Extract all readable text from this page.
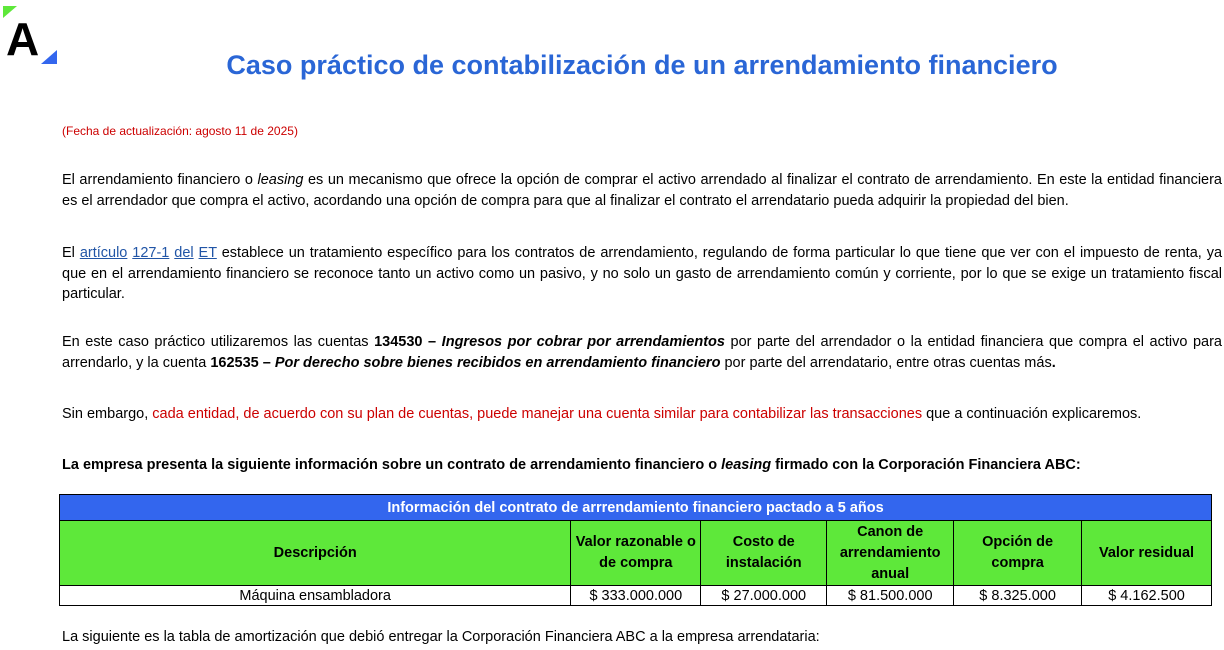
A	Caso práctico de contabilización de un arrendamiento financiero
(Fecha de actualización: agosto 11 de 2025)
El arrendamiento financiero o leasing es un mecanismo que ofrece la opción de comprar el activo arrendado al finalizar el contrato de arrendamiento. En este la entidad financiera es el arrendador que compra el activo, acordando una opción de compra para que al finalizar el contrato el arrendatario pueda adquirir la propiedad del bien.
El artículo 127-1 del ET establece un tratamiento específico para los contratos de arrendamiento, regulando de forma particular lo que tiene que ver con el impuesto de renta, ya que en el arrendamiento financiero se reconoce tanto un activo como un pasivo, y no solo un gasto de arrendamiento común y corriente, por lo que se exige un tratamiento fiscal particular.
En este caso práctico utilizaremos las cuentas 134530 – Ingresos por cobrar por arrendamientos por parte del arrendador o la entidad financiera que compra el activo para arrendarlo, y la cuenta 162535 – Por derecho sobre bienes recibidos en arrendamiento financiero por parte del arrendatario, entre otras cuentas más.
Sin embargo, cada entidad, de acuerdo con su plan de cuentas, puede manejar una cuenta similar para contabilizar las transacciones que a continuación explicaremos.
La empresa presenta la siguiente información sobre un contrato de arrendamiento financiero o leasing firmado con la Corporación Financiera ABC:
Información del contrato de arrrendamiento financiero pactado a 5 años					
Descripción	Valor razonable o de compra	Costo de instalación	Canon de arrendamiento anual	Opción de compra	Valor residual
Máquina ensambladora	$ 333.000.000	$ 27.000.000	$ 81.500.000	$ 8.325.000	$ 4.162.500
La siguiente es la tabla de amortización que debió entregar la Corporación Financiera ABC a la empresa arrendataria:
